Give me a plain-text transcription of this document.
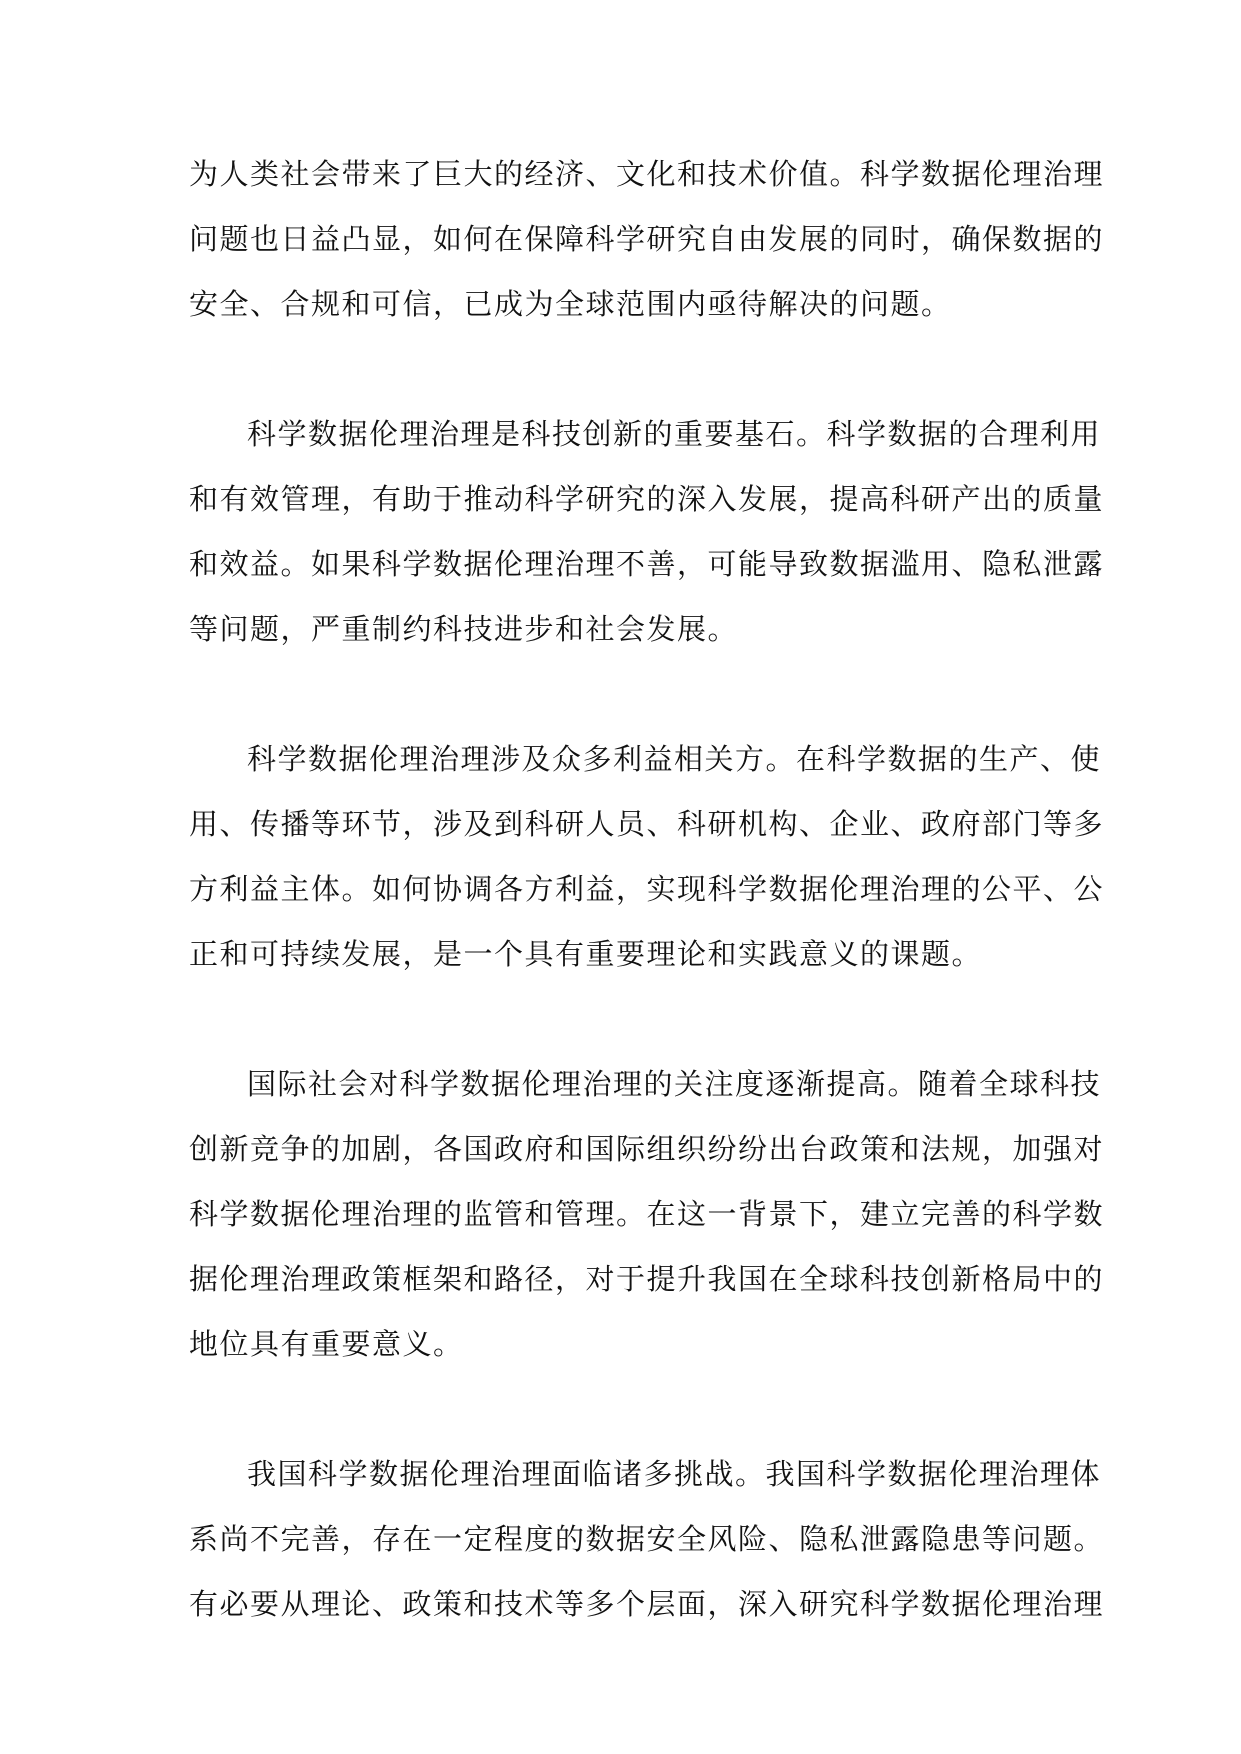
为人类社会带来了巨大的经济、文化和技术价值。科学数据伦理治理
问题也日益凸显，如何在保障科学研究自由发展的同时，确保数据的
安全、合规和可信，已成为全球范围内亟待解决的问题。
科学数据伦理治理是科技创新的重要基石。科学数据的合理利用
和有效管理，有助于推动科学研究的深入发展，提高科研产出的质量
和效益。如果科学数据伦理治理不善，可能导致数据滥用、隐私泄露
等问题，严重制约科技进步和社会发展。
科学数据伦理治理涉及众多利益相关方。在科学数据的生产、使
用、传播等环节，涉及到科研人员、科研机构、企业、政府部门等多
方利益主体。如何协调各方利益，实现科学数据伦理治理的公平、公
正和可持续发展，是一个具有重要理论和实践意义的课题。
国际社会对科学数据伦理治理的关注度逐渐提高。随着全球科技
创新竞争的加剧，各国政府和国际组织纷纷出台政策和法规，加强对
科学数据伦理治理的监管和管理。在这一背景下，建立完善的科学数
据伦理治理政策框架和路径，对于提升我国在全球科技创新格局中的
地位具有重要意义。
我国科学数据伦理治理面临诸多挑战。我国科学数据伦理治理体
系尚不完善，存在一定程度的数据安全风险、隐私泄露隐患等问题。
有必要从理论、政策和技术等多个层面，深入研究科学数据伦理治理
